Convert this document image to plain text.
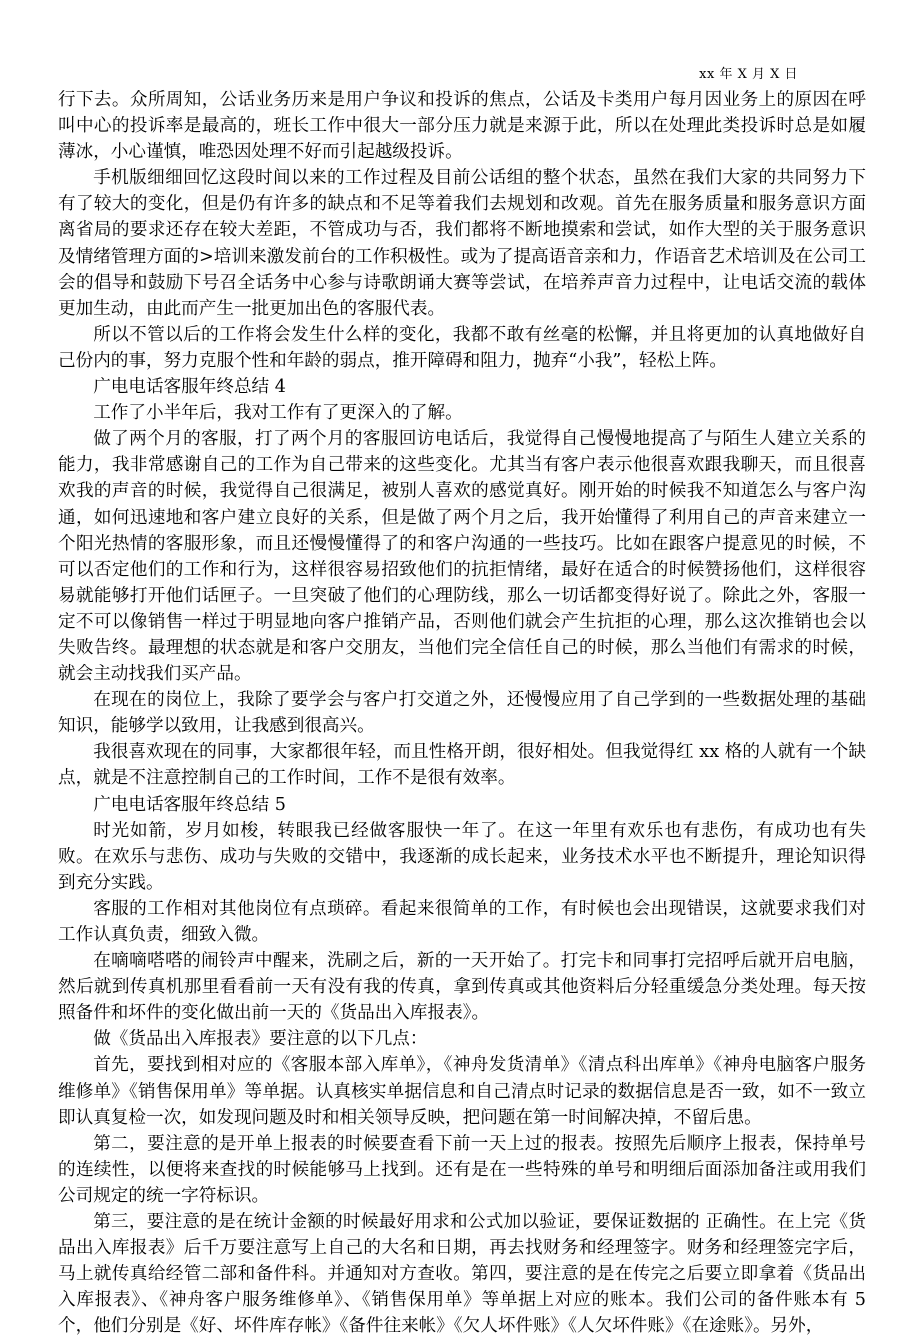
xx 年 X 月 X 日

行下去。众所周知，公话业务历来是用户争议和投诉的焦点，公话及卡类用户每月因业务上的原因在呼叫中心的投诉率是最高的，班长工作中很大一部分压力就是来源于此，所以在处理此类投诉时总是如履薄冰，小心谨慎，唯恐因处理不好而引起越级投诉。

手机版细细回忆这段时间以来的工作过程及目前公话组的整个状态，虽然在我们大家的共同努力下有了较大的变化，但是仍有许多的缺点和不足等着我们去规划和改观。首先在服务质量和服务意识方面离省局的要求还存在较大差距，不管成功与否，我们都将不断地摸索和尝试，如作大型的关于服务意识及情绪管理方面的>培训来激发前台的工作积极性。或为了提高语音亲和力，作语音艺术培训及在公司工会的倡导和鼓励下号召全话务中心参与诗歌朗诵大赛等尝试，在培养声音力过程中，让电话交流的载体更加生动，由此而产生一批更加出色的客服代表。

所以不管以后的工作将会发生什么样的变化，我都不敢有丝毫的松懈，并且将更加的认真地做好自己份内的事，努力克服个性和年龄的弱点，推开障碍和阻力，抛弃“小我”，轻松上阵。

广电电话客服年终总结 4

工作了小半年后，我对工作有了更深入的了解。

做了两个月的客服，打了两个月的客服回访电话后，我觉得自己慢慢地提高了与陌生人建立关系的能力，我非常感谢自己的工作为自己带来的这些变化。尤其当有客户表示他很喜欢跟我聊天，而且很喜欢我的声音的时候，我觉得自己很满足，被别人喜欢的感觉真好。刚开始的时候我不知道怎么与客户沟通，如何迅速地和客户建立良好的关系，但是做了两个月之后，我开始懂得了利用自己的声音来建立一个阳光热情的客服形象，而且还慢慢懂得了的和客户沟通的一些技巧。比如在跟客户提意见的时候，不可以否定他们的工作和行为，这样很容易招致他们的抗拒情绪，最好在适合的时候赞扬他们，这样很容易就能够打开他们话匣子。一旦突破了他们的心理防线，那么一切话都变得好说了。除此之外，客服一定不可以像销售一样过于明显地向客户推销产品，否则他们就会产生抗拒的心理，那么这次推销也会以失败告终。最理想的状态就是和客户交朋友，当他们完全信任自己的时候，那么当他们有需求的时候，就会主动找我们买产品。

在现在的岗位上，我除了要学会与客户打交道之外，还慢慢应用了自己学到的一些数据处理的基础知识，能够学以致用，让我感到很高兴。

我很喜欢现在的同事，大家都很年轻，而且性格开朗，很好相处。但我觉得红 xx 格的人就有一个缺点，就是不注意控制自己的工作时间，工作不是很有效率。

广电电话客服年终总结 5

时光如箭，岁月如梭，转眼我已经做客服快一年了。在这一年里有欢乐也有悲伤，有成功也有失败。在欢乐与悲伤、成功与失败的交错中，我逐渐的成长起来，业务技术水平也不断提升，理论知识得到充分实践。

客服的工作相对其他岗位有点琐碎。看起来很简单的工作，有时候也会出现错误，这就要求我们对工作认真负责，细致入微。

在嘀嘀嗒嗒的闹铃声中醒来，洗刷之后，新的一天开始了。打完卡和同事打完招呼后就开启电脑，然后就到传真机那里看看前一天有没有我的传真，拿到传真或其他资料后分轻重缓急分类处理。每天按照备件和坏件的变化做出前一天的《货品出入库报表》。

做《货品出入库报表》要注意的以下几点：

首先，要找到相对应的《客服本部入库单》，《神舟发货清单》《清点科出库单》《神舟电脑客户服务维修单》《销售保用单》等单据。认真核实单据信息和自己清点时记录的数据信息是否一致，如不一致立即认真复检一次，如发现问题及时和相关领导反映，把问题在第一时间解决掉，不留后患。

第二，要注意的是开单上报表的时候要查看下前一天上过的报表。按照先后顺序上报表，保持单号的连续性，以便将来查找的时候能够马上找到。还有是在一些特殊的单号和明细后面添加备注或用我们公司规定的统一字符标识。

第三，要注意的是在统计金额的时候最好用求和公式加以验证，要保证数据的 正确性。在上完《货品出入库报表》后千万要注意写上自己的大名和日期，再去找财务和经理签字。财务和经理签完字后，马上就传真给经管二部和备件科。并通知对方查收。第四，要注意的是在传完之后要立即拿着《货品出入库报表》、《神舟客户服务维修单》、《销售保用单》等单据上对应的账本。我们公司的备件账本有 5 个，他们分别是《好、坏件库存帐》《备件往来帐》《欠人坏件账》《人欠坏件账》《在途账》。另外，
